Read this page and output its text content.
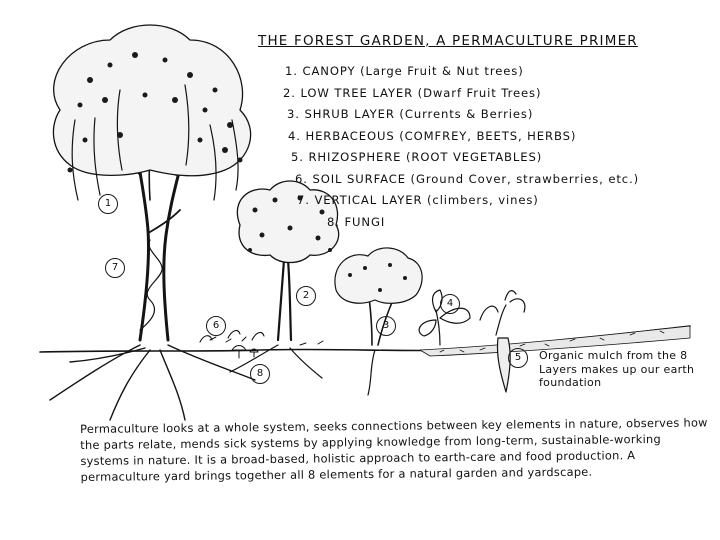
1
7
2
6	3
4
5
8
THE FOREST GARDEN, A PERMACULTURE PRIMER
1. CANOPY (Large Fruit & Nut trees)
2. LOW TREE LAYER (Dwarf Fruit Trees)
3. SHRUB LAYER (Currents & Berries)
4. HERBACEOUS (COMFREY, BEETS, HERBS)
5. RHIZOSPHERE (ROOT VEGETABLES)
6. SOIL SURFACE (Ground Cover, strawberries, etc.)
7. VERTICAL LAYER (climbers, vines)
8. FUNGI
Organic mulch from the 8 Layers makes up our earth foundation
Permaculture looks at a whole system, seeks connections between key elements in nature, observes how the parts relate, mends sick systems by applying knowledge from long-term, sustainable-working systems in nature. It is a broad-based, holistic approach to earth-care and food production. A permaculture yard brings together all 8 elements for a natural garden and yardscape.
